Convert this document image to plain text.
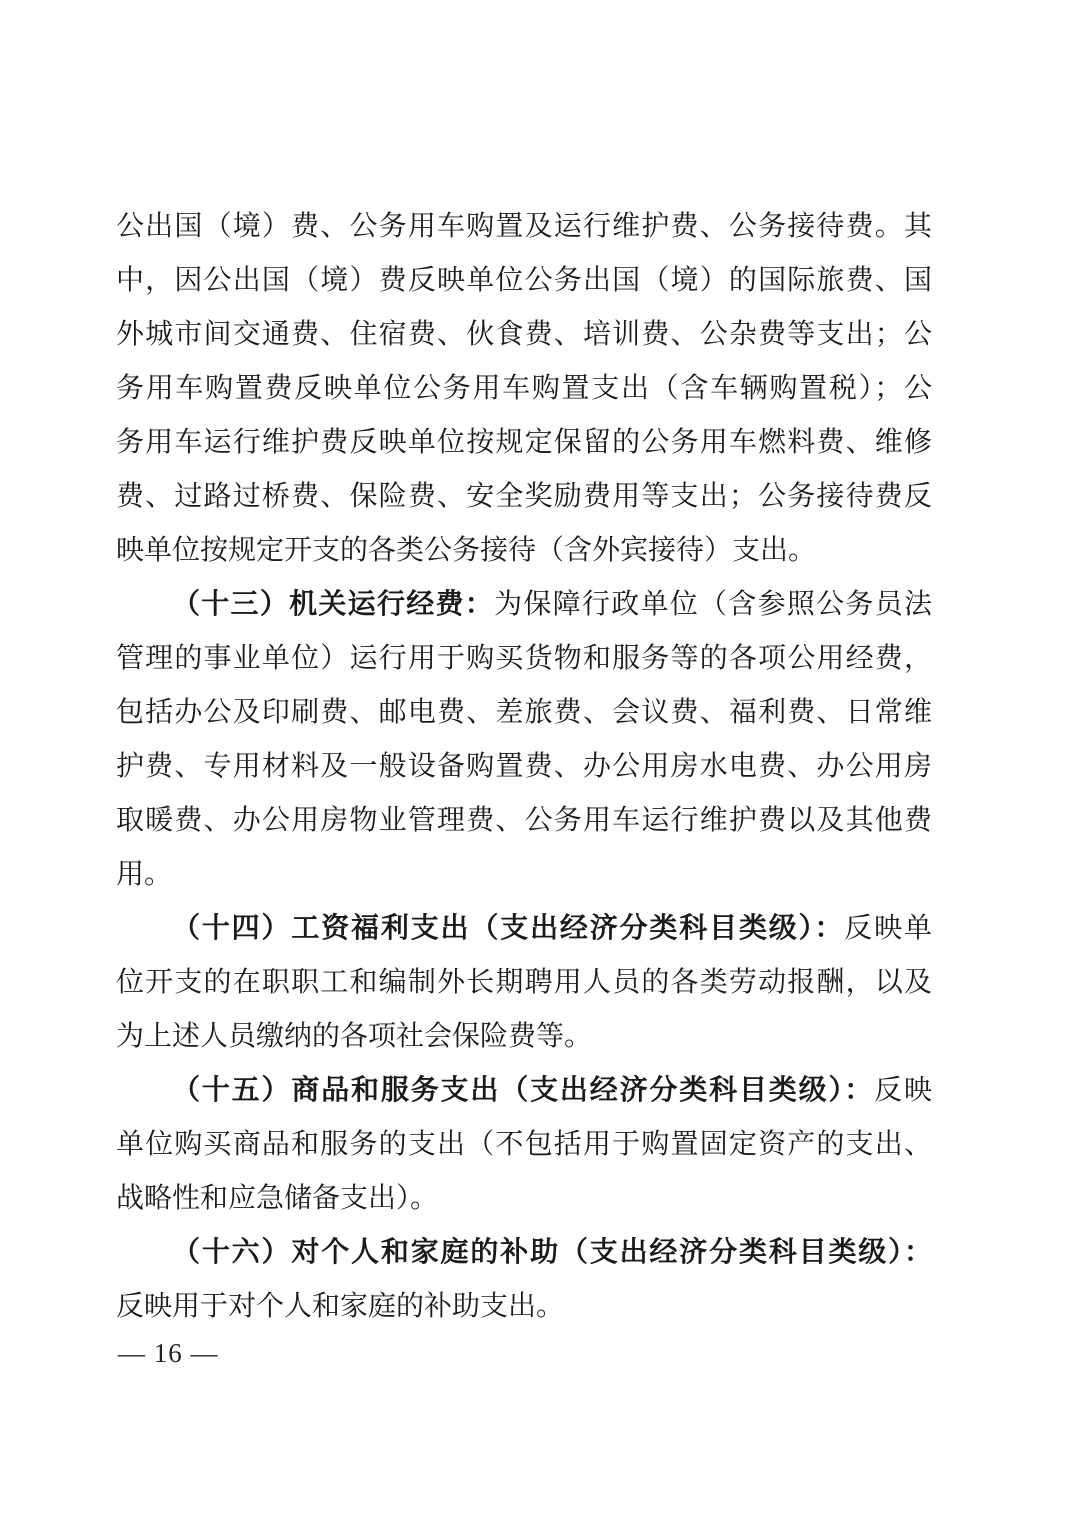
公出国（境）费、公务用车购置及运行维护费、公务接待费。其
中，因公出国（境）费反映单位公务出国（境）的国际旅费、国
外城市间交通费、住宿费、伙食费、培训费、公杂费等支出；公
务用车购置费反映单位公务用车购置支出（含车辆购置税）；公
务用车运行维护费反映单位按规定保留的公务用车燃料费、维修
费、过路过桥费、保险费、安全奖励费用等支出；公务接待费反
映单位按规定开支的各类公务接待（含外宾接待）支出。
（十三）机关运行经费：为保障行政单位（含参照公务员法
管理的事业单位）运行用于购买货物和服务等的各项公用经费，
包括办公及印刷费、邮电费、差旅费、会议费、福利费、日常维
护费、专用材料及一般设备购置费、办公用房水电费、办公用房
取暖费、办公用房物业管理费、公务用车运行维护费以及其他费
用。
（十四）工资福利支出（支出经济分类科目类级）：反映单
位开支的在职职工和编制外长期聘用人员的各类劳动报酬，以及
为上述人员缴纳的各项社会保险费等。
（十五）商品和服务支出（支出经济分类科目类级）：反映
单位购买商品和服务的支出（不包括用于购置固定资产的支出、
战略性和应急储备支出）。
（十六）对个人和家庭的补助（支出经济分类科目类级）：
反映用于对个人和家庭的补助支出。
— 16 —
